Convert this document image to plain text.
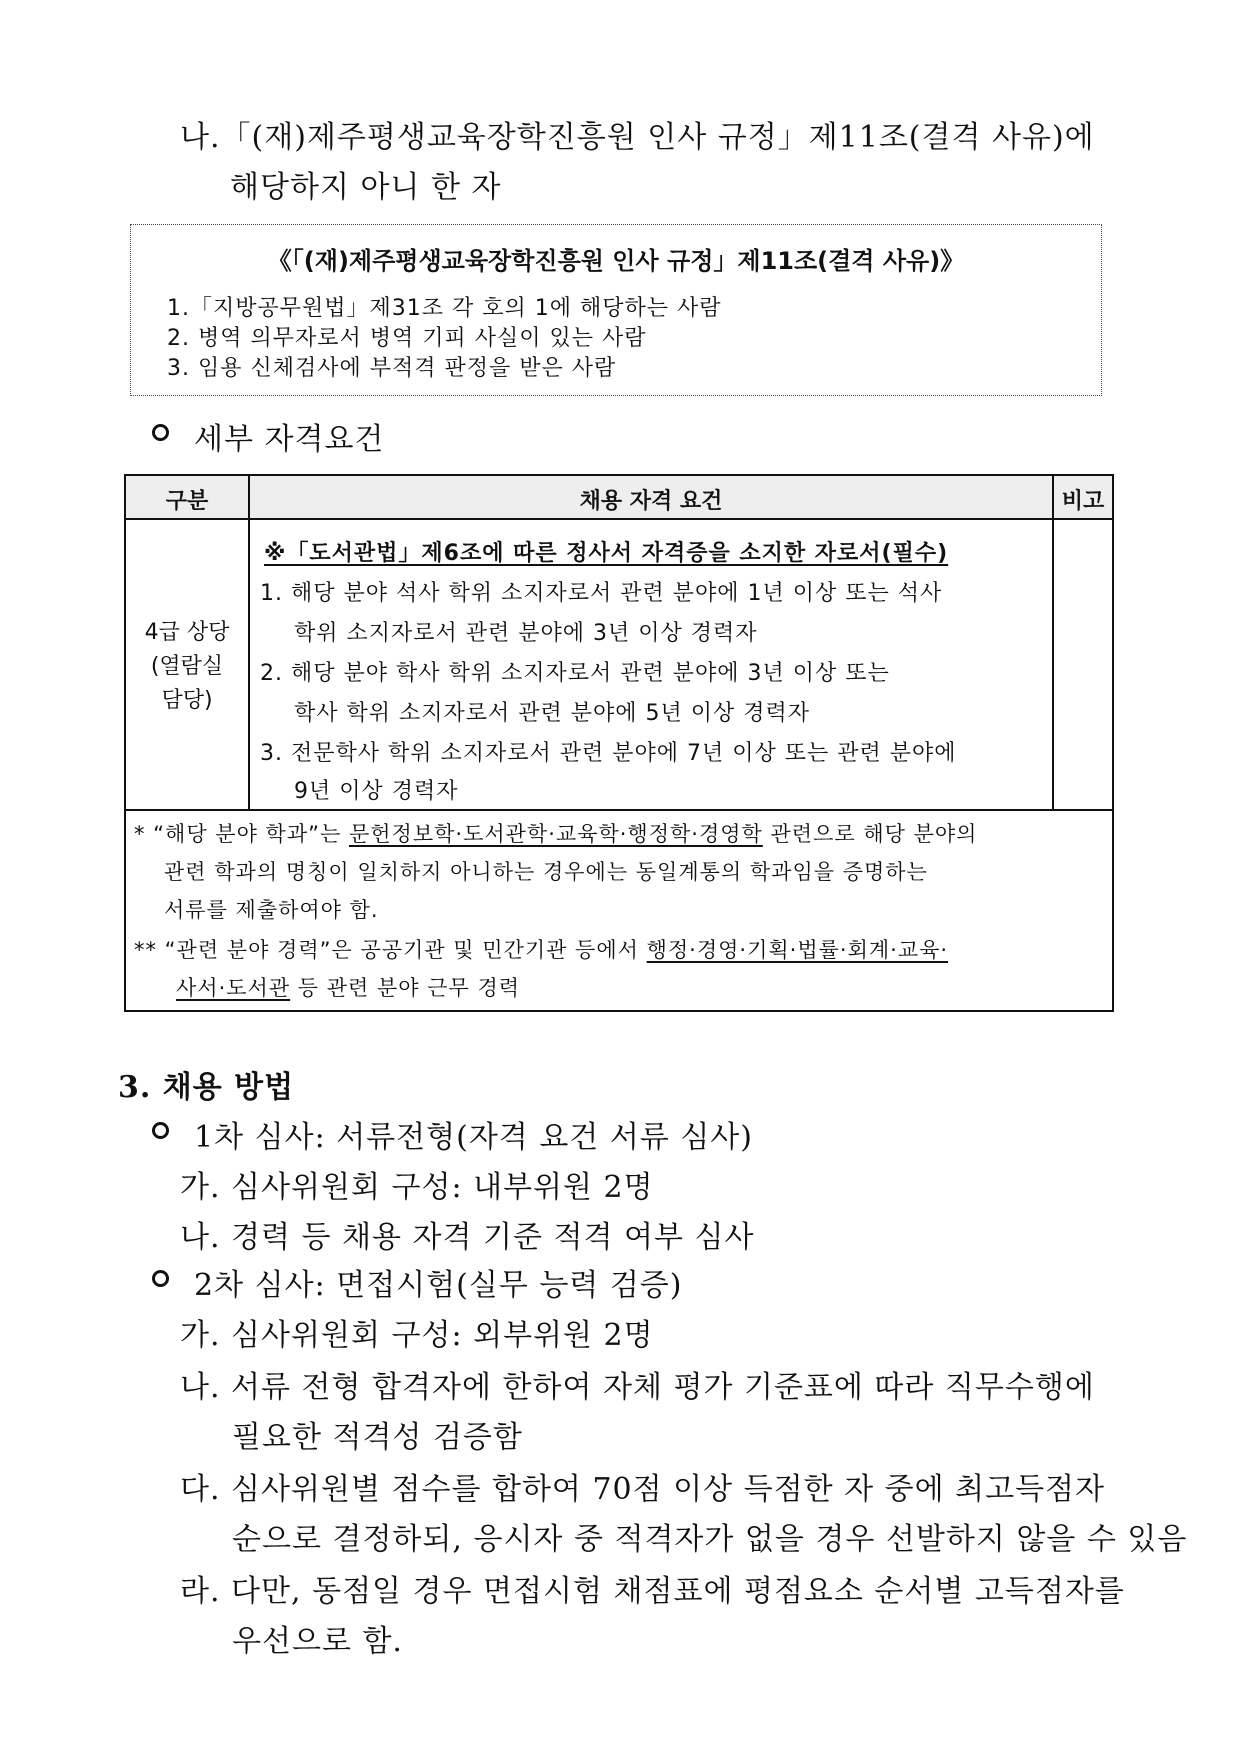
나.「(재)제주평생교육장학진흥원 인사 규정」제11조(결격 사유)에
해당하지 아니 한 자
《「(재)제주평생교육장학진흥원 인사 규정」제11조(결격 사유)》
1.「지방공무원법」제31조 각 호의 1에 해당하는 사람
2. 병역 의무자로서 병역 기피 사실이 있는 사람
3. 임용 신체검사에 부적격 판정을 받은 사람
세부 자격요건
구분	채용 자격 요건	비고
4급 상당
(열람실
담당)
※「도서관법」제6조에 따른 정사서 자격증을 소지한 자로서(필수)
1. 해당 분야 석사 학위 소지자로서 관련 분야에 1년 이상 또는 석사
학위 소지자로서 관련 분야에 3년 이상 경력자
2. 해당 분야 학사 학위 소지자로서 관련 분야에 3년 이상 또는
학사 학위 소지자로서 관련 분야에 5년 이상 경력자
3. 전문학사 학위 소지자로서 관련 분야에 7년 이상 또는 관련 분야에
9년 이상 경력자
* “해당 분야 학과”는 문헌정보학·도서관학·교육학·행정학·경영학 관련으로 해당 분야의
관련 학과의 명칭이 일치하지 아니하는 경우에는 동일계통의 학과임을 증명하는
서류를 제출하여야 함.
** “관련 분야 경력”은 공공기관 및 민간기관 등에서 행정·경영·기획·법률·회계·교육·
사서·도서관 등 관련 분야 근무 경력
3. 채용 방법
1차 심사: 서류전형(자격 요건 서류 심사)
가. 심사위원회 구성: 내부위원 2명
나. 경력 등 채용 자격 기준 적격 여부 심사
2차 심사: 면접시험(실무 능력 검증)
가. 심사위원회 구성: 외부위원 2명
나. 서류 전형 합격자에 한하여 자체 평가 기준표에 따라 직무수행에
필요한 적격성 검증함
다. 심사위원별 점수를 합하여 70점 이상 득점한 자 중에 최고득점자
순으로 결정하되, 응시자 중 적격자가 없을 경우 선발하지 않을 수 있음
라. 다만, 동점일 경우 면접시험 채점표에 평점요소 순서별 고득점자를
우선으로 함.
